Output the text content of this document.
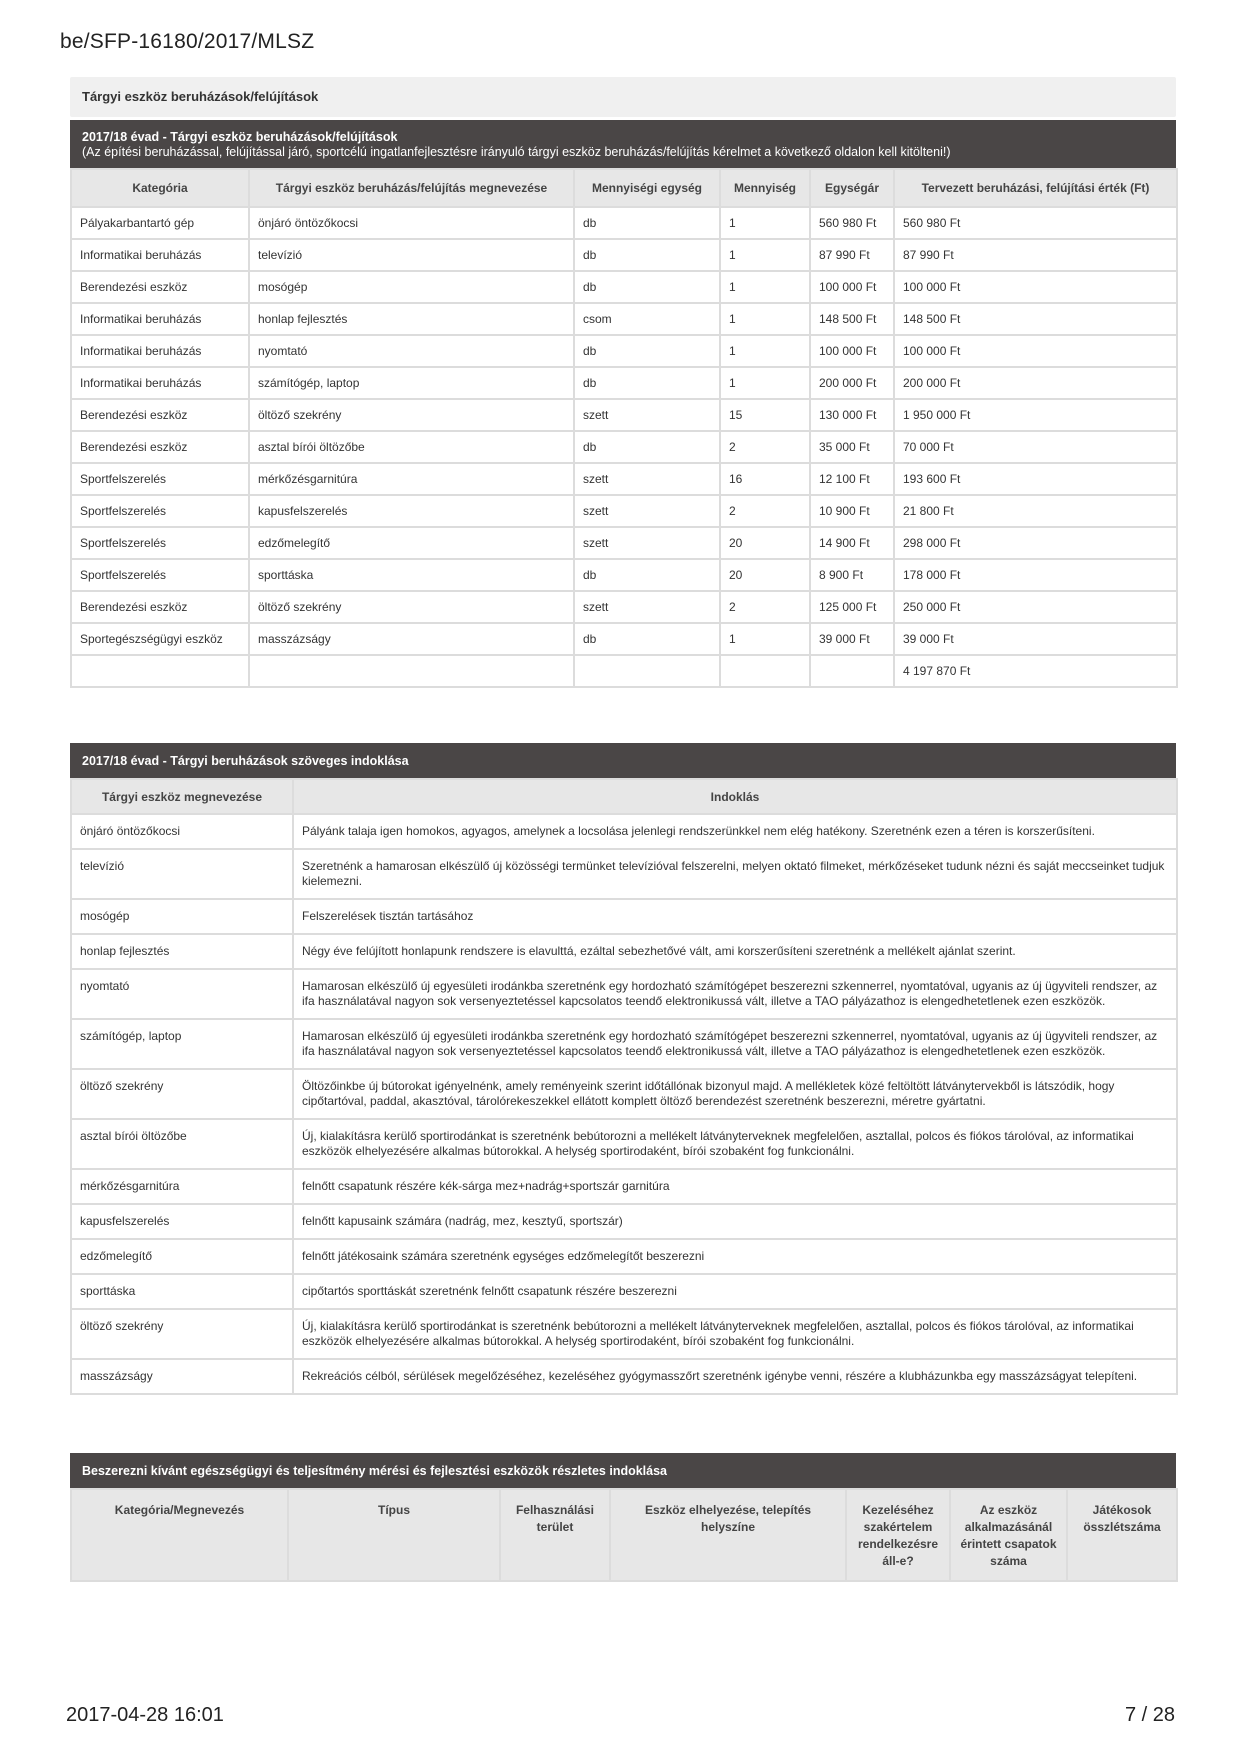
be/SFP-16180/2017/MLSZ
Tárgyi eszköz beruházások/felújítások
2017/18 évad - Tárgyi eszköz beruházások/felújítások
(Az építési beruházással, felújítással járó, sportcélú ingatlanfejlesztésre irányuló tárgyi eszköz beruházás/felújítás kérelmet a következő oldalon kell kitölteni!)
Kategória	Tárgyi eszköz beruházás/felújítás megnevezése	Mennyiségi egység	Mennyiség	Egységár	Tervezett beruházási, felújítási érték (Ft)
Pályakarbantartó gép	önjáró öntözőkocsi	db	1	560 980 Ft	560 980 Ft
Informatikai beruházás	televízió	db	1	87 990 Ft	87 990 Ft
Berendezési eszköz	mosógép	db	1	100 000 Ft	100 000 Ft
Informatikai beruházás	honlap fejlesztés	csom	1	148 500 Ft	148 500 Ft
Informatikai beruházás	nyomtató	db	1	100 000 Ft	100 000 Ft
Informatikai beruházás	számítógép, laptop	db	1	200 000 Ft	200 000 Ft
Berendezési eszköz	öltöző szekrény	szett	15	130 000 Ft	1 950 000 Ft
Berendezési eszköz	asztal bírói öltözőbe	db	2	35 000 Ft	70 000 Ft
Sportfelszerelés	mérkőzésgarnitúra	szett	16	12 100 Ft	193 600 Ft
Sportfelszerelés	kapusfelszerelés	szett	2	10 900 Ft	21 800 Ft
Sportfelszerelés	edzőmelegítő	szett	20	14 900 Ft	298 000 Ft
Sportfelszerelés	sporttáska	db	20	8 900 Ft	178 000 Ft
Berendezési eszköz	öltöző szekrény	szett	2	125 000 Ft	250 000 Ft
Sportegészségügyi eszköz	masszázságy	db	1	39 000 Ft	39 000 Ft
					4 197 870 Ft
2017/18 évad - Tárgyi beruházások szöveges indoklása
Tárgyi eszköz megnevezése	Indoklás
önjáró öntözőkocsi	Pályánk talaja igen homokos, agyagos, amelynek a locsolása jelenlegi rendszerünkkel nem elég hatékony. Szeretnénk ezen a téren is korszerűsíteni.
televízió	Szeretnénk a hamarosan elkészülő új közösségi termünket televízióval felszerelni, melyen oktató filmeket, mérkőzéseket tudunk nézni és saját meccseinket tudjuk kielemezni.
mosógép	Felszerelések tisztán tartásához
honlap fejlesztés	Négy éve felújított honlapunk rendszere is elavulttá, ezáltal sebezhetővé vált, ami korszerűsíteni szeretnénk a mellékelt ajánlat szerint.
nyomtató	Hamarosan elkészülő új egyesületi irodánkba szeretnénk egy hordozható számítógépet beszerezni szkennerrel, nyomtatóval, ugyanis az új ügyviteli rendszer, az ifa használatával nagyon sok versenyeztetéssel kapcsolatos teendő elektronikussá vált, illetve a TAO pályázathoz is elengedhetetlenek ezen eszközök.
számítógép, laptop	Hamarosan elkészülő új egyesületi irodánkba szeretnénk egy hordozható számítógépet beszerezni szkennerrel, nyomtatóval, ugyanis az új ügyviteli rendszer, az ifa használatával nagyon sok versenyeztetéssel kapcsolatos teendő elektronikussá vált, illetve a TAO pályázathoz is elengedhetetlenek ezen eszközök.
öltöző szekrény	Öltözőinkbe új bútorokat igényelnénk, amely reményeink szerint időtállónak bizonyul majd. A mellékletek közé feltöltött látványtervekből is látszódik, hogy cipőtartóval, paddal, akasztóval, tárolórekeszekkel ellátott komplett öltöző berendezést szeretnénk beszerezni, méretre gyártatni.
asztal bírói öltözőbe	Új, kialakításra kerülő sportirodánkat is szeretnénk bebútorozni a mellékelt látványterveknek megfelelően, asztallal, polcos és fiókos tárolóval, az informatikai eszközök elhelyezésére alkalmas bútorokkal. A helység sportirodaként, bírói szobaként fog funkcionálni.
mérkőzésgarnitúra	felnőtt csapatunk részére kék-sárga mez+nadrág+sportszár garnitúra
kapusfelszerelés	felnőtt kapusaink számára (nadrág, mez, kesztyű, sportszár)
edzőmelegítő	felnőtt játékosaink számára szeretnénk egységes edzőmelegítőt beszerezni
sporttáska	cipőtartós sporttáskát szeretnénk felnőtt csapatunk részére beszerezni
öltöző szekrény	Új, kialakításra kerülő sportirodánkat is szeretnénk bebútorozni a mellékelt látványterveknek megfelelően, asztallal, polcos és fiókos tárolóval, az informatikai eszközök elhelyezésére alkalmas bútorokkal. A helység sportirodaként, bírói szobaként fog funkcionálni.
masszázságy	Rekreációs célból, sérülések megelőzéséhez, kezeléséhez gyógymasszőrt szeretnénk igénybe venni, részére a klubházunkba egy masszázságyat telepíteni.
Beszerezni kívánt egészségügyi és teljesítmény mérési és fejlesztési eszközök részletes indoklása
Kategória/Megnevezés	Típus	Felhasználási terület	Eszköz elhelyezése, telepítés helyszíne	Kezeléséhez szakértelem rendelkezésre áll-e?	Az eszköz alkalmazásánál érintett csapatok száma	Játékosok összlétszáma
2017-04-28 16:01	7 / 28
